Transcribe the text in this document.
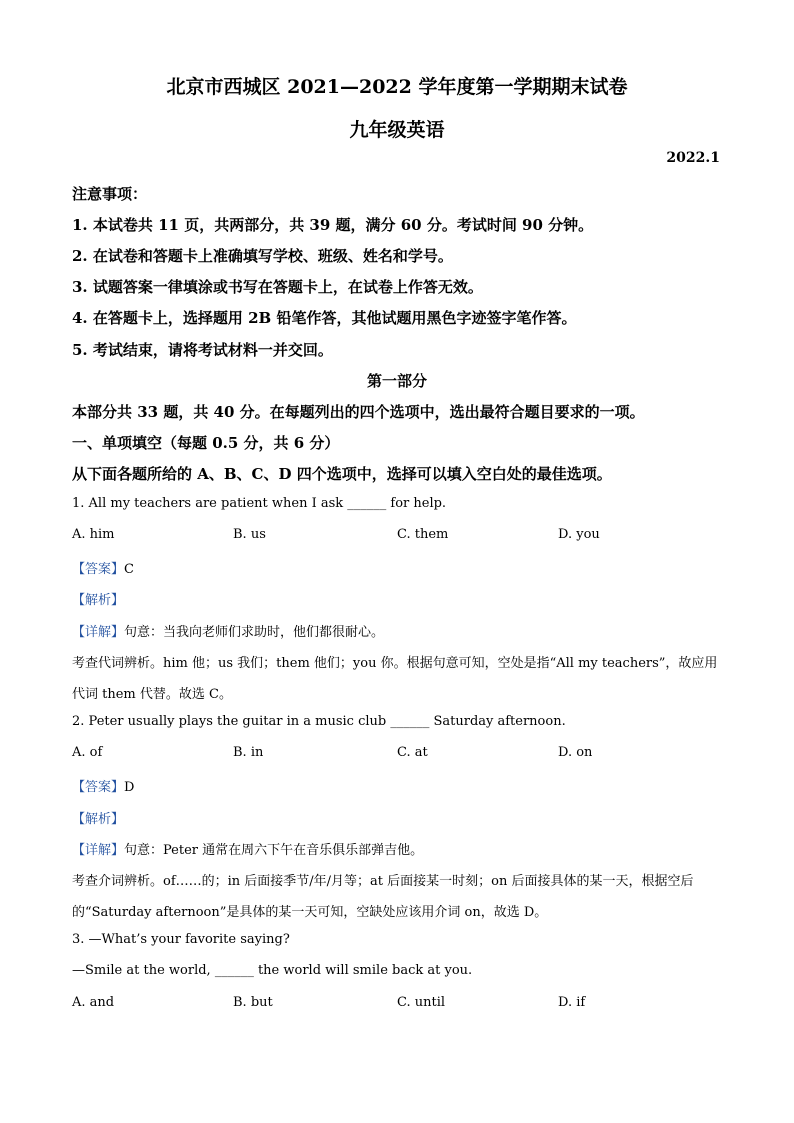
北京市西城区 2021—2022 学年度第一学期期末试卷
九年级英语
2022.1
注意事项：
1. 本试卷共 11 页，共两部分，共 39 题，满分 60 分。考试时间 90 分钟。
2. 在试卷和答题卡上准确填写学校、班级、姓名和学号。
3. 试题答案一律填涂或书写在答题卡上，在试卷上作答无效。
4. 在答题卡上，选择题用 2B 铅笔作答，其他试题用黑色字迹签字笔作答。
5. 考试结束，请将考试材料一并交回。
第一部分
本部分共 33 题，共 40 分。在每题列出的四个选项中，选出最符合题目要求的一项。
一、单项填空（每题 0.5 分，共 6 分）
从下面各题所给的 A、B、C、D 四个选项中，选择可以填入空白处的最佳选项。
1. All my teachers are patient when I ask ______ for help.
A. him	B. us	C. them	D. you
【答案】C
【解析】
【详解】句意：当我向老师们求助时，他们都很耐心。
考查代词辨析。him 他；us 我们；them 他们；you 你。根据句意可知，空处是指“All my teachers”，故应用
代词 them 代替。故选 C。
2. Peter usually plays the guitar in a music club ______ Saturday afternoon.
A. of	B. in	C. at	D. on
【答案】D
【解析】
【详解】句意：Peter 通常在周六下午在音乐俱乐部弹吉他。
考查介词辨析。of……的；in 后面接季节/年/月等；at 后面接某一时刻；on 后面接具体的某一天，根据空后
的“Saturday afternoon”是具体的某一天可知，空缺处应该用介词 on，故选 D。
3. —What’s your favorite saying?
—Smile at the world, ______ the world will smile back at you.
A. and	B. but	C. until	D. if
